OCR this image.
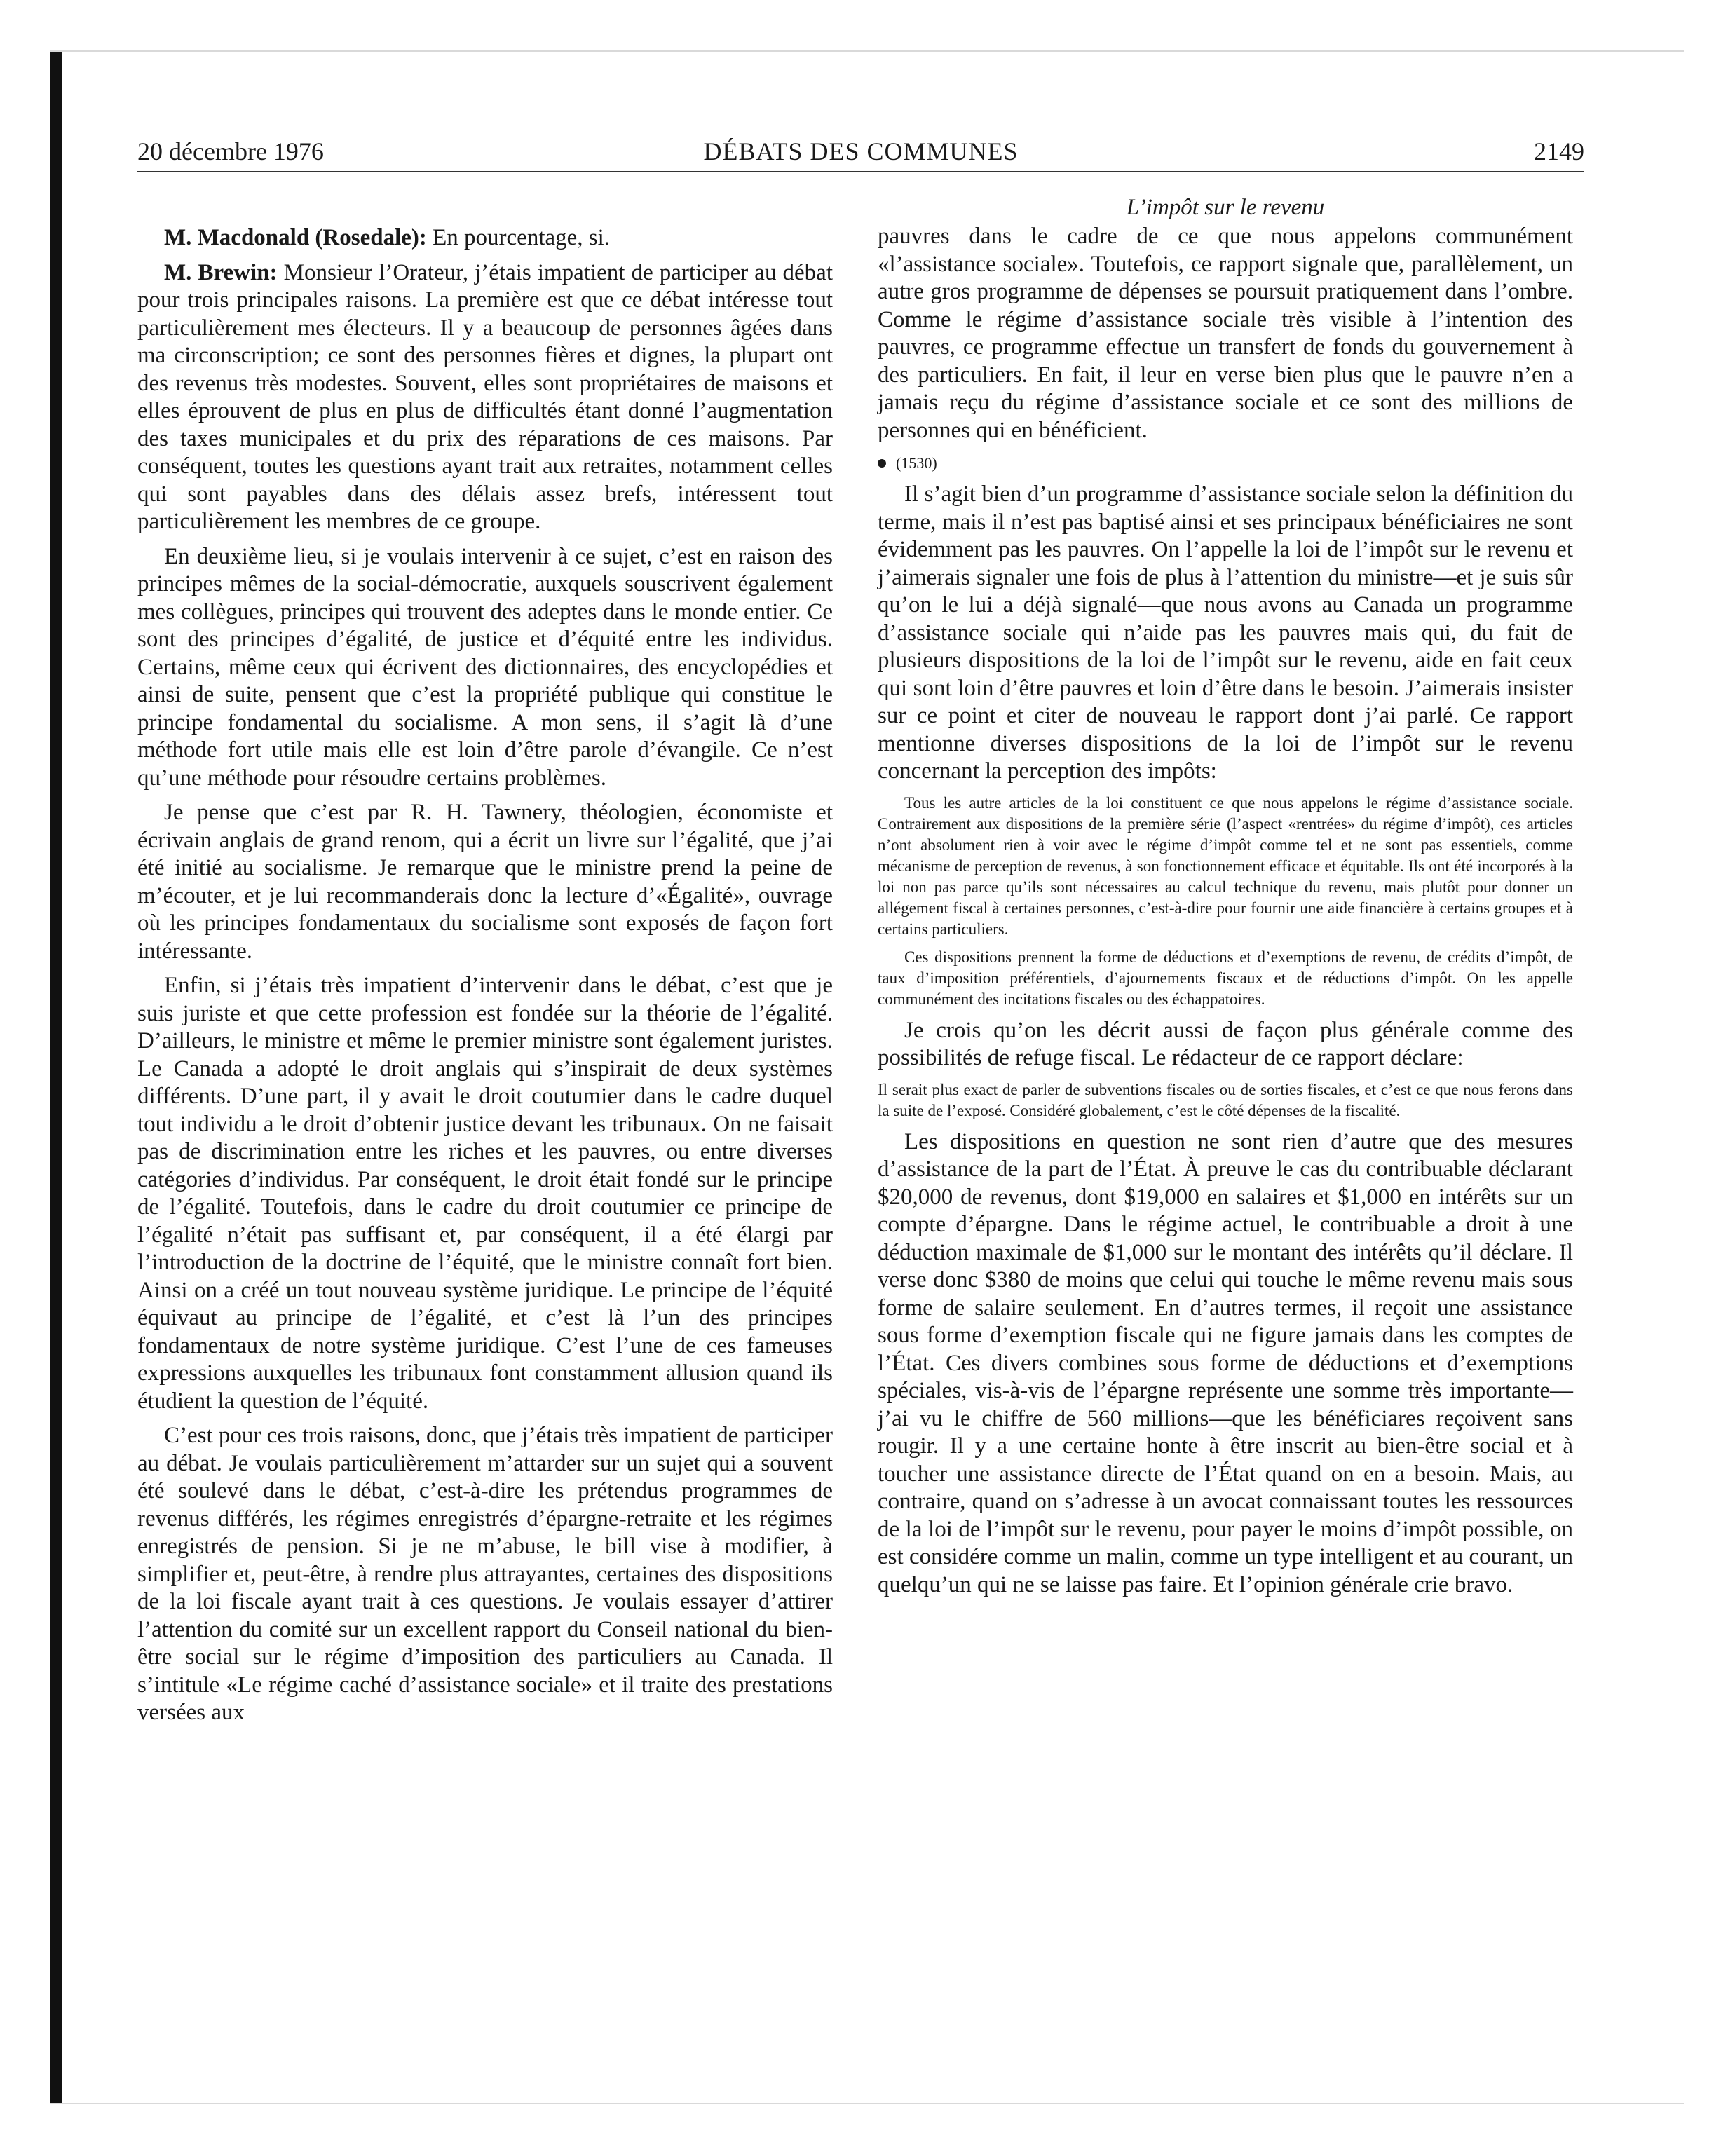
20 décembre 1976	DÉBATS DES COMMUNES	2149

M. Macdonald (Rosedale): En pourcentage, si.

M. Brewin: Monsieur l’Orateur, j’étais impatient de participer au débat pour trois principales raisons. La première est que ce débat intéresse tout particulièrement mes électeurs. Il y a beaucoup de personnes âgées dans ma circonscription; ce sont des personnes fières et dignes, la plupart ont des revenus très modestes. Souvent, elles sont propriétaires de maisons et elles éprouvent de plus en plus de difficultés étant donné l’augmentation des taxes municipales et du prix des réparations de ces maisons. Par conséquent, toutes les questions ayant trait aux retraites, notamment celles qui sont payables dans des délais assez brefs, intéressent tout particulièrement les membres de ce groupe.

En deuxième lieu, si je voulais intervenir à ce sujet, c’est en raison des principes mêmes de la social-démocratie, auxquels souscrivent également mes collègues, principes qui trouvent des adeptes dans le monde entier. Ce sont des principes d’égalité, de justice et d’équité entre les individus. Certains, même ceux qui écrivent des dictionnaires, des encyclopédies et ainsi de suite, pensent que c’est la propriété publique qui constitue le principe fondamental du socialisme. A mon sens, il s’agit là d’une méthode fort utile mais elle est loin d’être parole d’évangile. Ce n’est qu’une méthode pour résoudre certains problèmes.

Je pense que c’est par R. H. Tawnery, théologien, économiste et écrivain anglais de grand renom, qui a écrit un livre sur l’égalité, que j’ai été initié au socialisme. Je remarque que le ministre prend la peine de m’écouter, et je lui recommanderais donc la lecture d’«Égalité», ouvrage où les principes fondamentaux du socialisme sont exposés de façon fort intéressante.

Enfin, si j’étais très impatient d’intervenir dans le débat, c’est que je suis juriste et que cette profession est fondée sur la théorie de l’égalité. D’ailleurs, le ministre et même le premier ministre sont également juristes. Le Canada a adopté le droit anglais qui s’inspirait de deux systèmes différents. D’une part, il y avait le droit coutumier dans le cadre duquel tout individu a le droit d’obtenir justice devant les tribunaux. On ne faisait pas de discrimination entre les riches et les pauvres, ou entre diverses catégories d’individus. Par conséquent, le droit était fondé sur le principe de l’égalité. Toutefois, dans le cadre du droit coutumier ce principe de l’égalité n’était pas suffisant et, par conséquent, il a été élargi par l’introduction de la doctrine de l’équité, que le ministre connaît fort bien. Ainsi on a créé un tout nouveau système juridique. Le principe de l’équité équivaut au principe de l’égalité, et c’est là l’un des principes fondamentaux de notre système juridique. C’est l’une de ces fameuses expressions auxquelles les tribunaux font constamment allusion quand ils étudient la question de l’équité.

C’est pour ces trois raisons, donc, que j’étais très impatient de participer au débat. Je voulais particulièrement m’attarder sur un sujet qui a souvent été soulevé dans le débat, c’est-à-dire les prétendus programmes de revenus différés, les régimes enregistrés d’épargne-retraite et les régimes enregistrés de pension. Si je ne m’abuse, le bill vise à modifier, à simplifier et, peut-être, à rendre plus attrayantes, certaines des dispositions de la loi fiscale ayant trait à ces questions. Je voulais essayer d’attirer l’attention du comité sur un excellent rapport du Conseil national du bien-être social sur le régime d’imposition des particuliers au Canada. Il s’intitule «Le régime caché d’assistance sociale» et il traite des prestations versées aux

L’impôt sur le revenu

pauvres dans le cadre de ce que nous appelons communément «l’assistance sociale». Toutefois, ce rapport signale que, parallèlement, un autre gros programme de dépenses se poursuit pratiquement dans l’ombre. Comme le régime d’assistance sociale très visible à l’intention des pauvres, ce programme effectue un transfert de fonds du gouvernement à des particuliers. En fait, il leur en verse bien plus que le pauvre n’en a jamais reçu du régime d’assistance sociale et ce sont des millions de personnes qui en bénéficient.

(1530)

Il s’agit bien d’un programme d’assistance sociale selon la définition du terme, mais il n’est pas baptisé ainsi et ses principaux bénéficiaires ne sont évidemment pas les pauvres. On l’appelle la loi de l’impôt sur le revenu et j’aimerais signaler une fois de plus à l’attention du ministre—et je suis sûr qu’on le lui a déjà signalé—que nous avons au Canada un programme d’assistance sociale qui n’aide pas les pauvres mais qui, du fait de plusieurs dispositions de la loi de l’impôt sur le revenu, aide en fait ceux qui sont loin d’être pauvres et loin d’être dans le besoin. J’aimerais insister sur ce point et citer de nouveau le rapport dont j’ai parlé. Ce rapport mentionne diverses dispositions de la loi de l’impôt sur le revenu concernant la perception des impôts:

Tous les autre articles de la loi constituent ce que nous appelons le régime d’assistance sociale. Contrairement aux dispositions de la première série (l’aspect «rentrées» du régime d’impôt), ces articles n’ont absolument rien à voir avec le régime d’impôt comme tel et ne sont pas essentiels, comme mécanisme de perception de revenus, à son fonctionnement efficace et équitable. Ils ont été incorporés à la loi non pas parce qu’ils sont nécessaires au calcul technique du revenu, mais plutôt pour donner un allégement fiscal à certaines personnes, c’est-à-dire pour fournir une aide financière à certains groupes et à certains particuliers.

Ces dispositions prennent la forme de déductions et d’exemptions de revenu, de crédits d’impôt, de taux d’imposition préférentiels, d’ajournements fiscaux et de réductions d’impôt. On les appelle communément des incitations fiscales ou des échappatoires.

Je crois qu’on les décrit aussi de façon plus générale comme des possibilités de refuge fiscal. Le rédacteur de ce rapport déclare:

Il serait plus exact de parler de subventions fiscales ou de sorties fiscales, et c’est ce que nous ferons dans la suite de l’exposé. Considéré globalement, c’est le côté dépenses de la fiscalité.

Les dispositions en question ne sont rien d’autre que des mesures d’assistance de la part de l’État. À preuve le cas du contribuable déclarant $20,000 de revenus, dont $19,000 en salaires et $1,000 en intérêts sur un compte d’épargne. Dans le régime actuel, le contribuable a droit à une déduction maximale de $1,000 sur le montant des intérêts qu’il déclare. Il verse donc $380 de moins que celui qui touche le même revenu mais sous forme de salaire seulement. En d’autres termes, il reçoit une assistance sous forme d’exemption fiscale qui ne figure jamais dans les comptes de l’État. Ces divers combines sous forme de déductions et d’exemptions spéciales, vis-à-vis de l’épargne représente une somme très importante—j’ai vu le chiffre de 560 millions—que les bénéficiares reçoivent sans rougir. Il y a une certaine honte à être inscrit au bien-être social et à toucher une assistance directe de l’État quand on en a besoin. Mais, au contraire, quand on s’adresse à un avocat connaissant toutes les ressources de la loi de l’impôt sur le revenu, pour payer le moins d’impôt possible, on est considére comme un malin, comme un type intelligent et au courant, un quelqu’un qui ne se laisse pas faire. Et l’opinion générale crie bravo.
